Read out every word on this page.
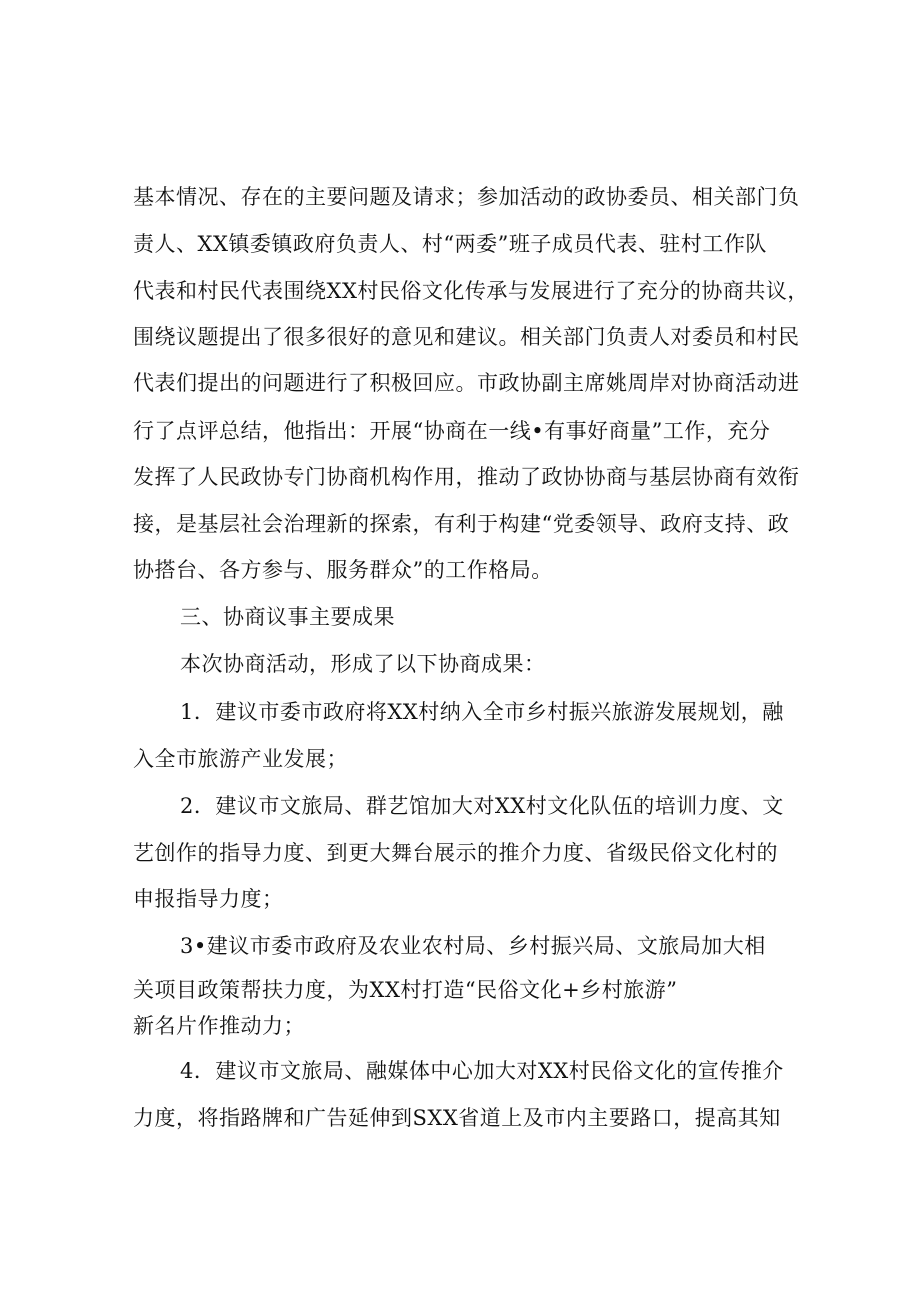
基本情况、存在的主要问题及请求；参加活动的政协委员、相关部门负
责人、XX镇委镇政府负责人、村“两委”班子成员代表、驻村工作队
代表和村民代表围绕XX村民俗文化传承与发展进行了充分的协商共议，
围绕议题提出了很多很好的意见和建议。相关部门负责人对委员和村民
代表们提出的问题进行了积极回应。市政协副主席姚周岸对协商活动进
行了点评总结，他指出：开展“协商在一线•有事好商量”工作，充分
发挥了人民政协专门协商机构作用，推动了政协协商与基层协商有效衔
接，是基层社会治理新的探索，有利于构建“党委领导、政府支持、政
协搭台、各方参与、服务群众”的工作格局。
三、协商议事主要成果
本次协商活动，形成了以下协商成果：
1．建议市委市政府将XX村纳入全市乡村振兴旅游发展规划，融
入全市旅游产业发展；
2．建议市文旅局、群艺馆加大对XX村文化队伍的培训力度、文
艺创作的指导力度、到更大舞台展示的推介力度、省级民俗文化村的
申报指导力度；
3•建议市委市政府及农业农村局、乡村振兴局、文旅局加大相
关项目政策帮扶力度，为XX村打造“民俗文化+乡村旅游”
新名片作推动力；
4．建议市文旅局、融媒体中心加大对XX村民俗文化的宣传推介
力度，将指路牌和广告延伸到SXX省道上及市内主要路口，提高其知
